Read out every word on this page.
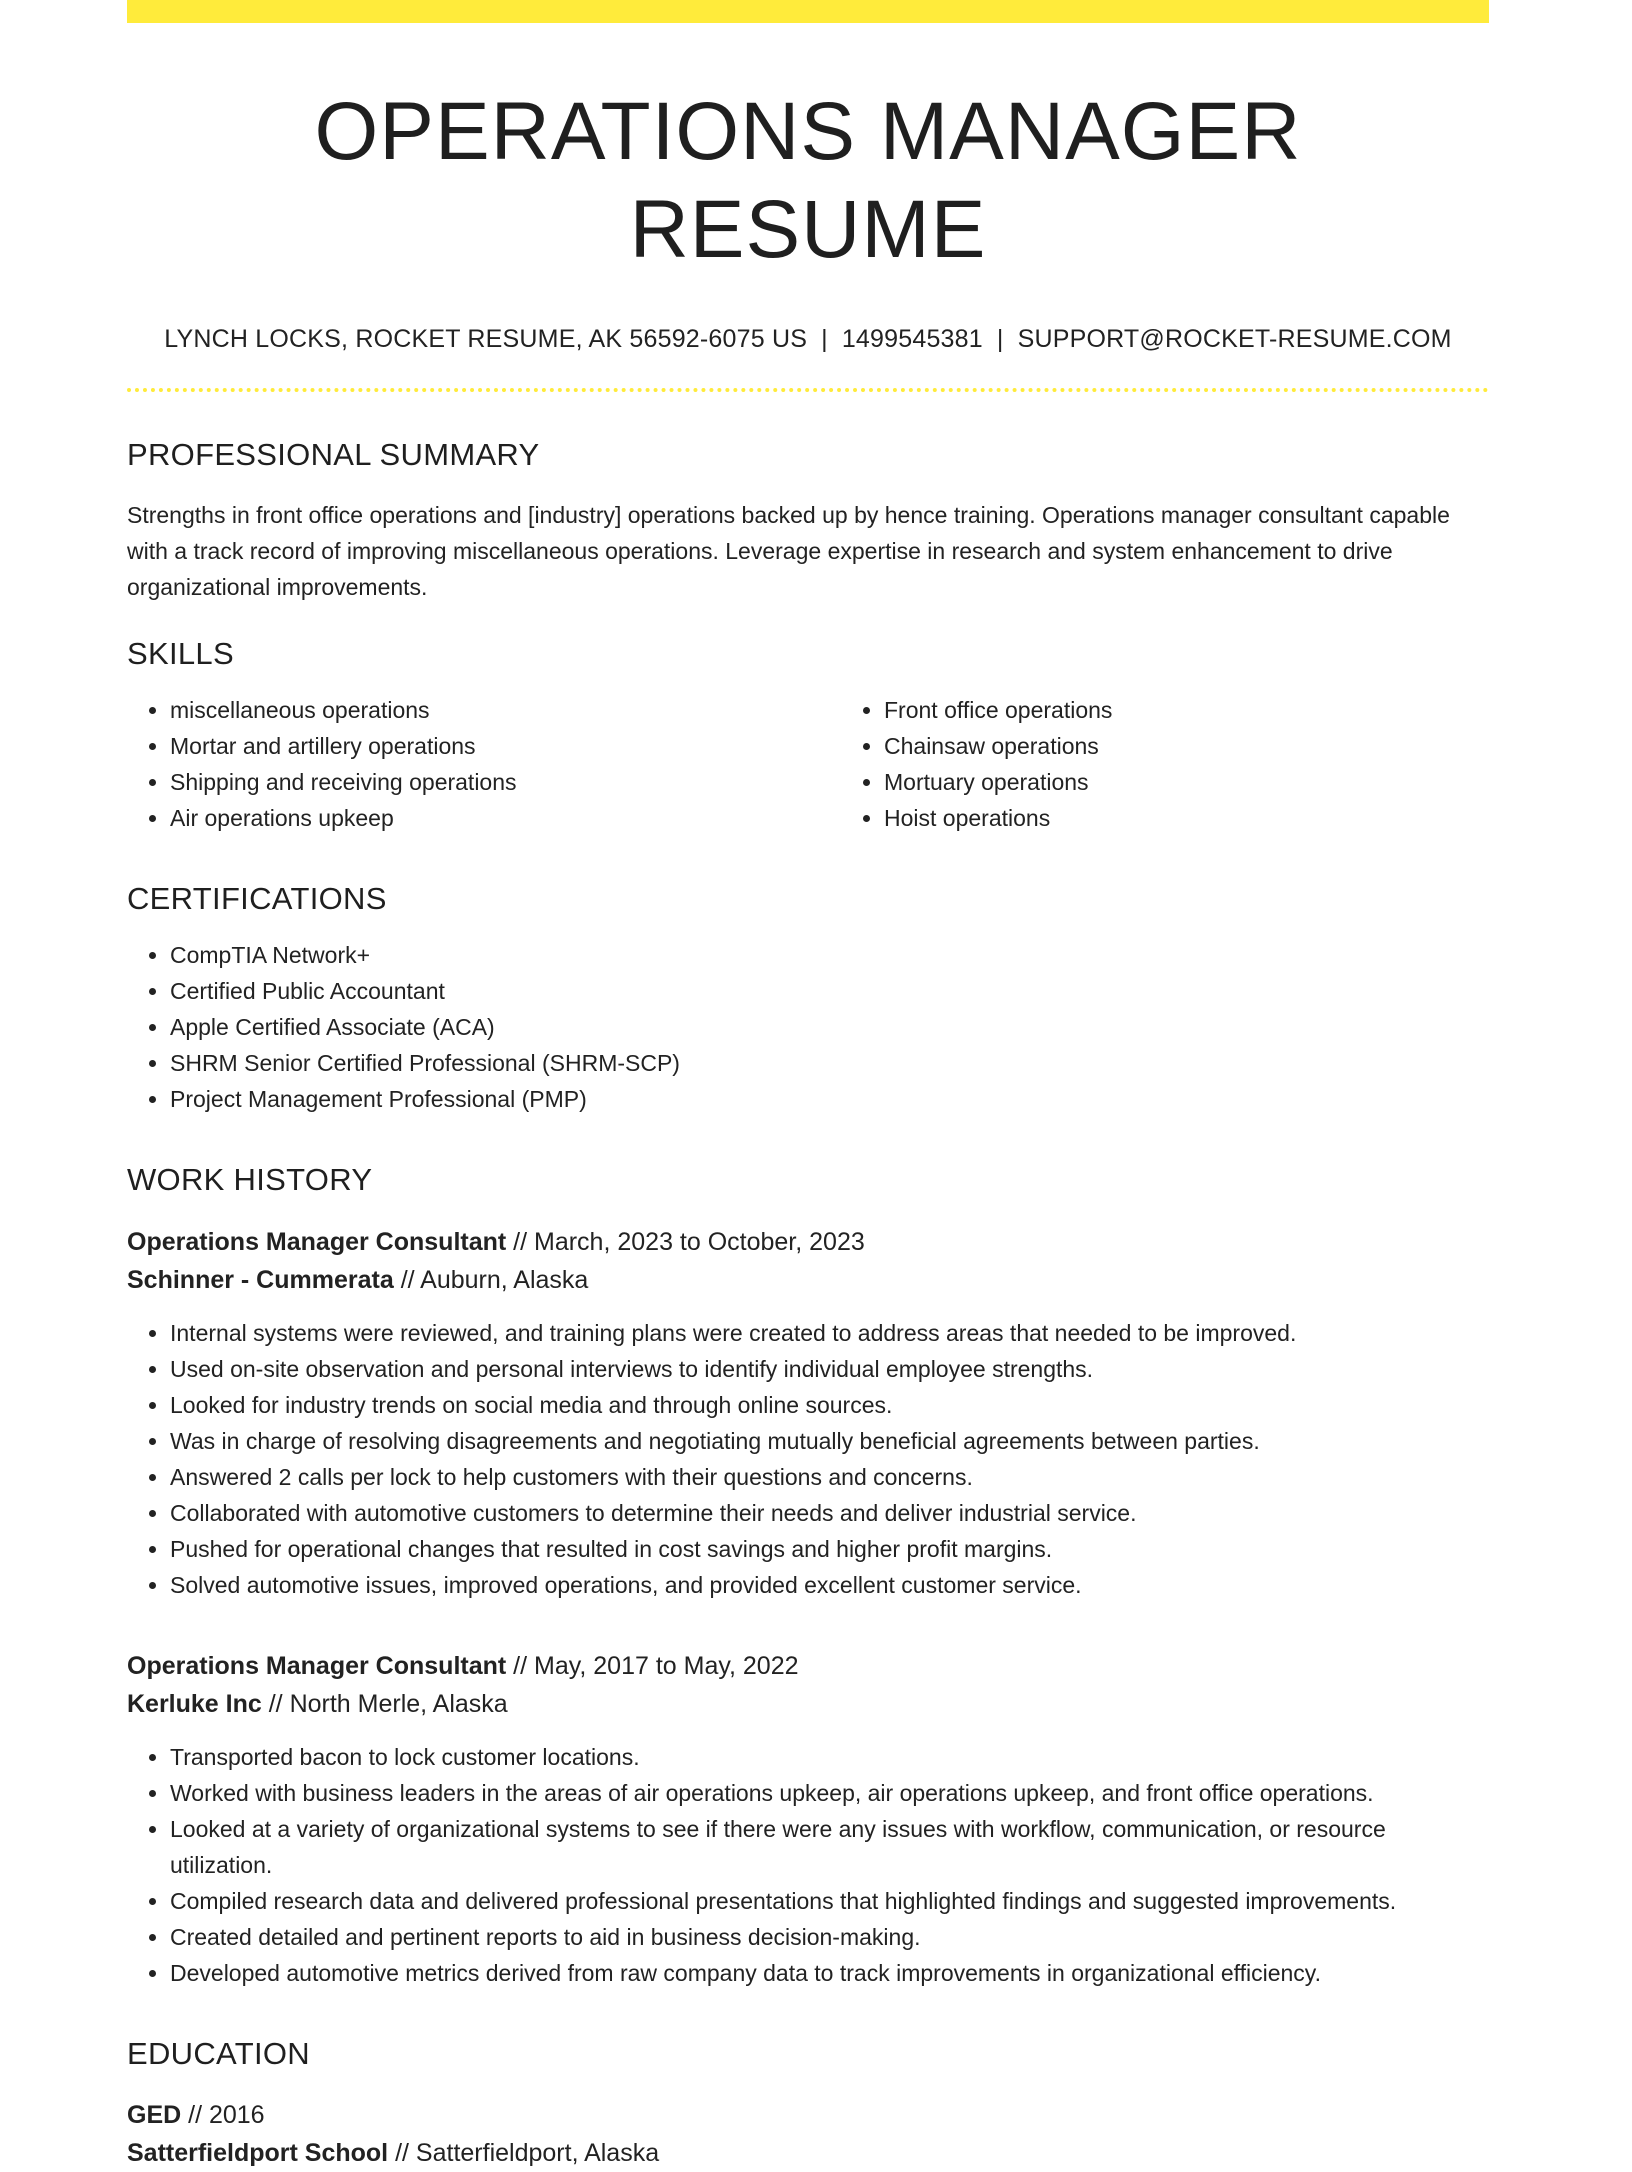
OPERATIONS MANAGER RESUME
LYNCH LOCKS, ROCKET RESUME, AK 56592-6075 US | 1499545381 | SUPPORT@ROCKET-RESUME.COM
PROFESSIONAL SUMMARY

Strengths in front office operations and [industry] operations backed up by hence training. Operations manager consultant capable with a track record of improving miscellaneous operations. Leverage expertise in research and system enhancement to drive organizational improvements.

SKILLS
• miscellaneous operations
• Mortar and artillery operations
• Shipping and receiving operations
• Air operations upkeep
• Front office operations
• Chainsaw operations
• Mortuary operations
• Hoist operations
CERTIFICATIONS
• CompTIA Network+
• Certified Public Accountant
• Apple Certified Associate (ACA)
• SHRM Senior Certified Professional (SHRM-SCP)
• Project Management Professional (PMP)
WORK HISTORY
Operations Manager Consultant // March, 2023 to October, 2023
Schinner - Cummerata // Auburn, Alaska
• Internal systems were reviewed, and training plans were created to address areas that needed to be improved.
• Used on-site observation and personal interviews to identify individual employee strengths.
• Looked for industry trends on social media and through online sources.
• Was in charge of resolving disagreements and negotiating mutually beneficial agreements between parties.
• Answered 2 calls per lock to help customers with their questions and concerns.
• Collaborated with automotive customers to determine their needs and deliver industrial service.
• Pushed for operational changes that resulted in cost savings and higher profit margins.
• Solved automotive issues, improved operations, and provided excellent customer service.
Operations Manager Consultant // May, 2017 to May, 2022
Kerluke Inc // North Merle, Alaska
• Transported bacon to lock customer locations.
• Worked with business leaders in the areas of air operations upkeep, air operations upkeep, and front office operations.
• Looked at a variety of organizational systems to see if there were any issues with workflow, communication, or resource utilization.
• Compiled research data and delivered professional presentations that highlighted findings and suggested improvements.
• Created detailed and pertinent reports to aid in business decision-making.
• Developed automotive metrics derived from raw company data to track improvements in organizational efficiency.
EDUCATION
GED // 2016
Satterfieldport School // Satterfieldport, Alaska
